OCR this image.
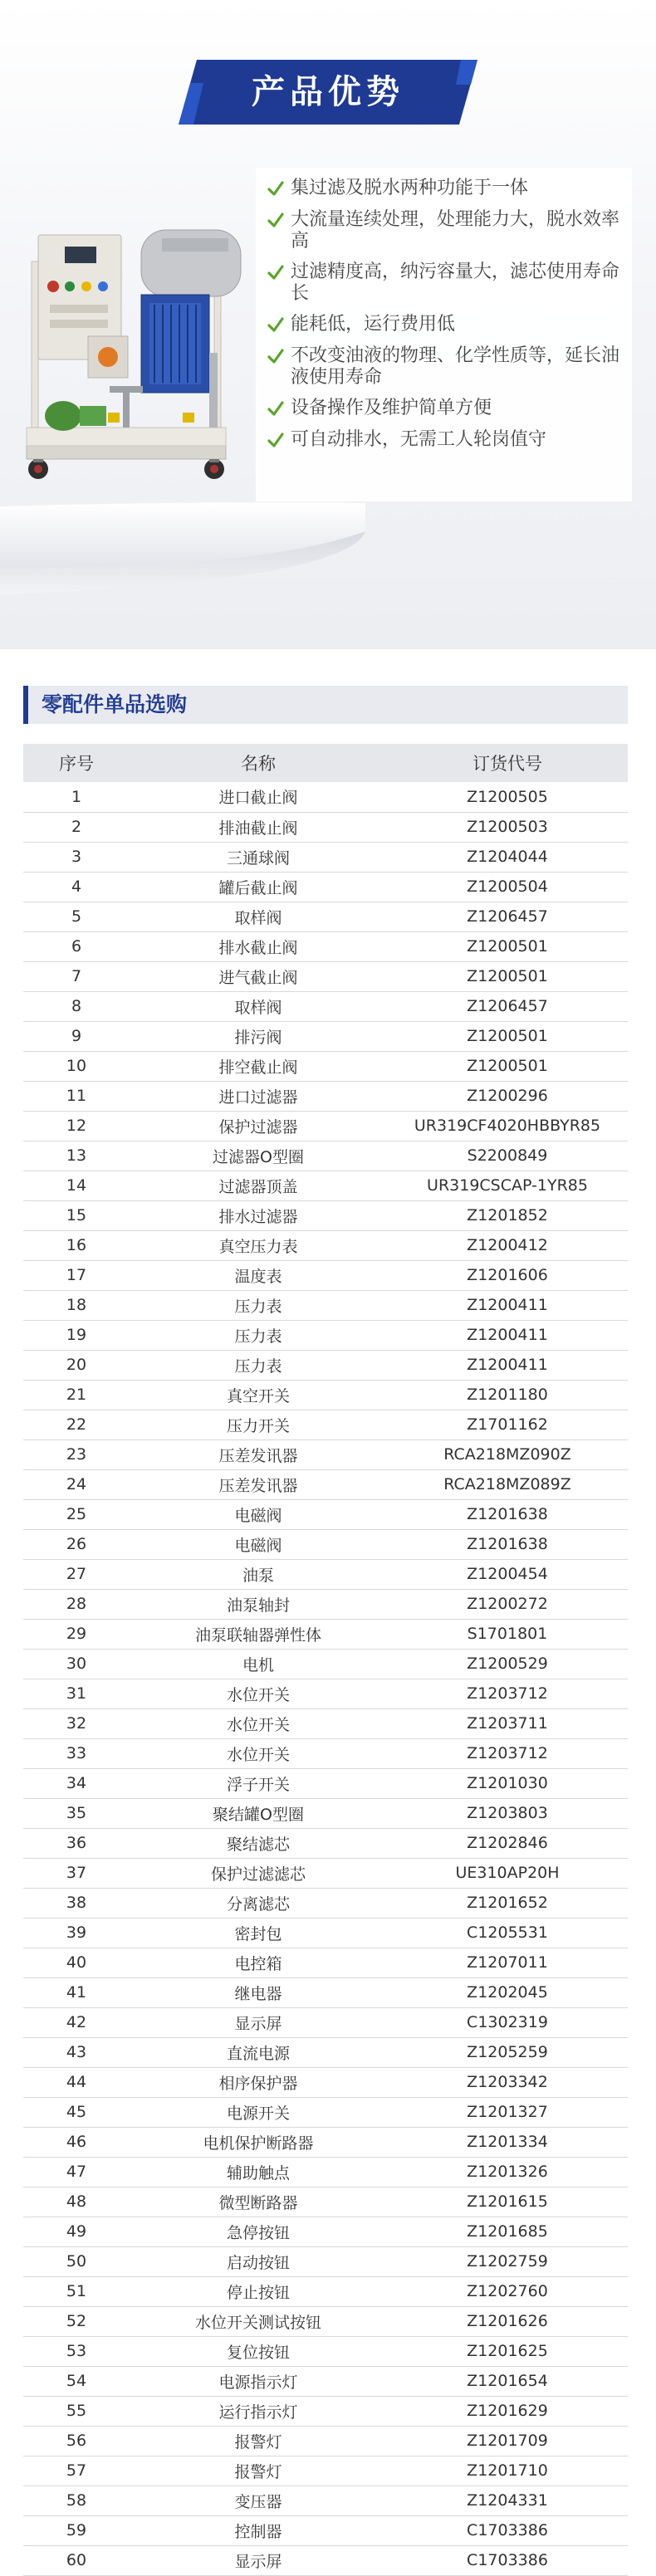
产品优势
集过滤及脱水两种功能于一体
大流量连续处理，处理能力大，脱水效率高
过滤精度高，纳污容量大，滤芯使用寿命长
能耗低，运行费用低
不改变油液的物理、化学性质等，延长油液使用寿命
设备操作及维护简单方便
可自动排水，无需工人轮岗值守
零配件单品选购
序号	名称	订货代号
1	进口截止阀	Z1200505
2	排油截止阀	Z1200503
3	三通球阀	Z1204044
4	罐后截止阀	Z1200504
5	取样阀	Z1206457
6	排水截止阀	Z1200501
7	进气截止阀	Z1200501
8	取样阀	Z1206457
9	排污阀	Z1200501
10	排空截止阀	Z1200501
11	进口过滤器	Z1200296
12	保护过滤器	UR319CF4020HBBYR85
13	过滤器O型圈	S2200849
14	过滤器顶盖	UR319CSCAP-1YR85
15	排水过滤器	Z1201852
16	真空压力表	Z1200412
17	温度表	Z1201606
18	压力表	Z1200411
19	压力表	Z1200411
20	压力表	Z1200411
21	真空开关	Z1201180
22	压力开关	Z1701162
23	压差发讯器	RCA218MZ090Z
24	压差发讯器	RCA218MZ089Z
25	电磁阀	Z1201638
26	电磁阀	Z1201638
27	油泵	Z1200454
28	油泵轴封	Z1200272
29	油泵联轴器弹性体	S1701801
30	电机	Z1200529
31	水位开关	Z1203712
32	水位开关	Z1203711
33	水位开关	Z1203712
34	浮子开关	Z1201030
35	聚结罐O型圈	Z1203803
36	聚结滤芯	Z1202846
37	保护过滤滤芯	UE310AP20H
38	分离滤芯	Z1201652
39	密封包	C1205531
40	电控箱	Z1207011
41	继电器	Z1202045
42	显示屏	C1302319
43	直流电源	Z1205259
44	相序保护器	Z1203342
45	电源开关	Z1201327
46	电机保护断路器	Z1201334
47	辅助触点	Z1201326
48	微型断路器	Z1201615
49	急停按钮	Z1201685
50	启动按钮	Z1202759
51	停止按钮	Z1202760
52	水位开关测试按钮	Z1201626
53	复位按钮	Z1201625
54	电源指示灯	Z1201654
55	运行指示灯	Z1201629
56	报警灯	Z1201709
57	报警灯	Z1201710
58	变压器	Z1204331
59	控制器	C1703386
60	显示屏	C1703386
